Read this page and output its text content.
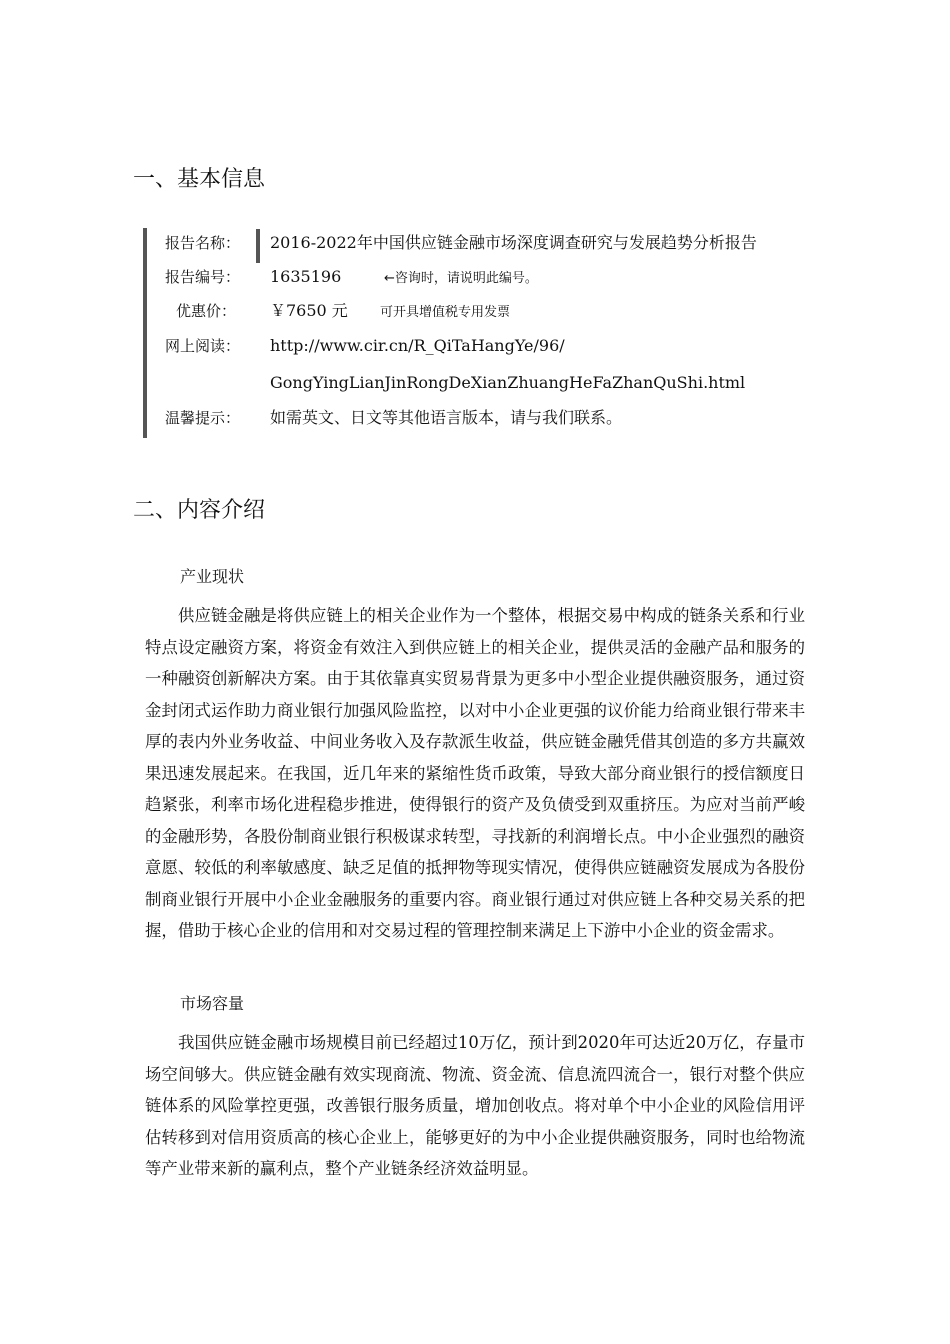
一、基本信息
报告名称：	2016-2022年中国供应链金融市场深度调查研究与发展趋势分析报告
报告编号：	1635196	←咨询时，请说明此编号。
优惠价：	￥7650 元 可开具增值税专用发票
网上阅读：	http://www.cir.cn/R_QiTaHangYe/96/
GongYingLianJinRongDeXianZhuangHeFaZhanQuShi.html
温馨提示：	如需英文、日文等其他语言版本，请与我们联系。
二、内容介绍
产业现状

供应链金融是将供应链上的相关企业作为一个整体，根据交易中构成的链条关系和行业特点设定融资方案，将资金有效注入到供应链上的相关企业，提供灵活的金融产品和服务的一种融资创新解决方案。由于其依靠真实贸易背景为更多中小型企业提供融资服务，通过资金封闭式运作助力商业银行加强风险监控，以对中小企业更强的议价能力给商业银行带来丰厚的表内外业务收益、中间业务收入及存款派生收益，供应链金融凭借其创造的多方共赢效果迅速发展起来。在我国，近几年来的紧缩性货币政策，导致大部分商业银行的授信额度日趋紧张，利率市场化进程稳步推进，使得银行的资产及负债受到双重挤压。为应对当前严峻的金融形势，各股份制商业银行积极谋求转型，寻找新的利润增长点。中小企业强烈的融资意愿、较低的利率敏感度、缺乏足值的抵押物等现实情况，使得供应链融资发展成为各股份制商业银行开展中小企业金融服务的重要内容。商业银行通过对供应链上各种交易关系的把握，借助于核心企业的信用和对交易过程的管理控制来满足上下游中小企业的资金需求。

市场容量

我国供应链金融市场规模目前已经超过10万亿，预计到2020年可达近20万亿，存量市场空间够大。供应链金融有效实现商流、物流、资金流、信息流四流合一，银行对整个供应链体系的风险掌控更强，改善银行服务质量，增加创收点。将对单个中小企业的风险信用评估转移到对信用资质高的核心企业上，能够更好的为中小企业提供融资服务，同时也给物流等产业带来新的赢利点，整个产业链条经济效益明显。
